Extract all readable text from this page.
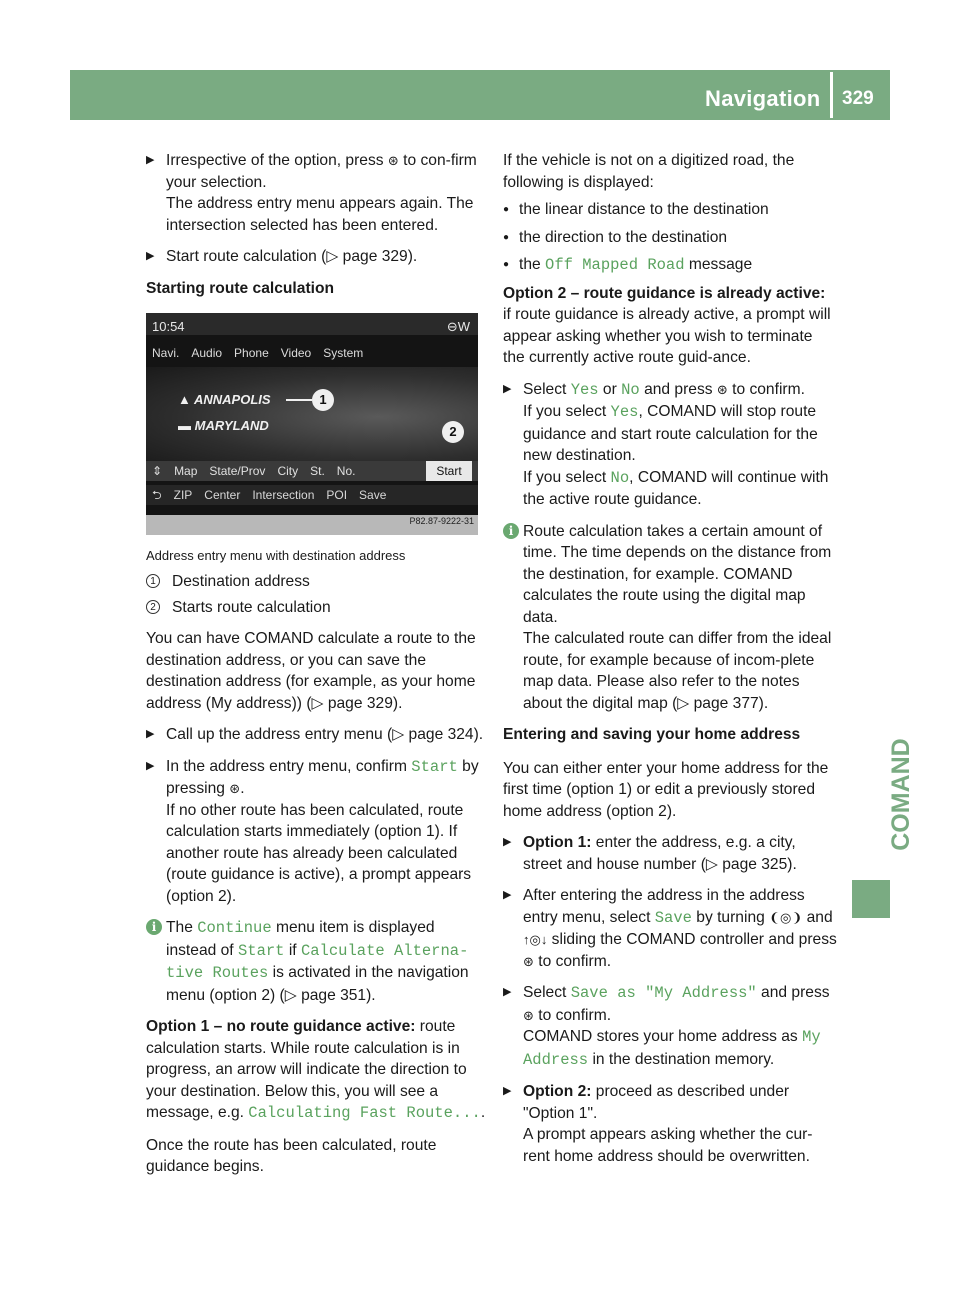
Navigation 329
COMAND
▶ Irrespective of the option, press ⊛ to con-firm your selection.
The address entry menu appears again. The intersection selected has been entered.
▶ Start route calculation (▷ page 329).
Starting route calculation
10:54	⊖W
Navi. Audio Phone Video System
▲ ANNAPOLIS
▬ MARYLAND
1
2
⇕ Map State/Prov City St. No.	Start
⮌ ZIP Center Intersection POI Save
P82.87-9222-31
Address entry menu with destination address
1 Destination address
2 Starts route calculation
You can have COMAND calculate a route to the destination address, or you can save the destination address (for example, as your home address (My address)) (▷ page 329).
▶ Call up the address entry menu (▷ page 324).
▶ In the address entry menu, confirm Start by pressing ⊛.
If no other route has been calculated, route calculation starts immediately (option 1). If another route has already been calculated (route guidance is active), a prompt appears (option 2).
i The Continue menu item is displayed instead of Start if Calculate Alterna-tive Routes is activated in the navigation menu (option 2) (▷ page 351).
Option 1 – no route guidance active: route calculation starts. While route calculation is in progress, an arrow will indicate the direction to your destination. Below this, you will see a message, e.g. Calculating Fast Route....
Once the route has been calculated, route guidance begins.
If the vehicle is not on a digitized road, the following is displayed:
● the linear distance to the destination
● the direction to the destination
● the Off Mapped Road message
Option 2 – route guidance is already active: if route guidance is already active, a prompt will appear asking whether you wish to terminate the currently active route guid-ance.
▶ Select Yes or No and press ⊛ to confirm.
If you select Yes, COMAND will stop route guidance and start route calculation for the new destination.
If you select No, COMAND will continue with the active route guidance.
i Route calculation takes a certain amount of time. The time depends on the distance from the destination, for example. COMAND calculates the route using the digital map data.
The calculated route can differ from the ideal route, for example because of incom-plete map data. Please also refer to the notes about the digital map (▷ page 377).
Entering and saving your home address
You can either enter your home address for the first time (option 1) or edit a previously stored home address (option 2).
▶ Option 1: enter the address, e.g. a city, street and house number (▷ page 325).
▶ After entering the address in the address entry menu, select Save by turning ❨◎❩ and ↑◎↓ sliding the COMAND controller and press ⊛ to confirm.
▶ Select Save as "My Address" and press ⊛ to confirm.
COMAND stores your home address as My Address in the destination memory.
▶ Option 2: proceed as described under "Option 1".
A prompt appears asking whether the cur-rent home address should be overwritten.
